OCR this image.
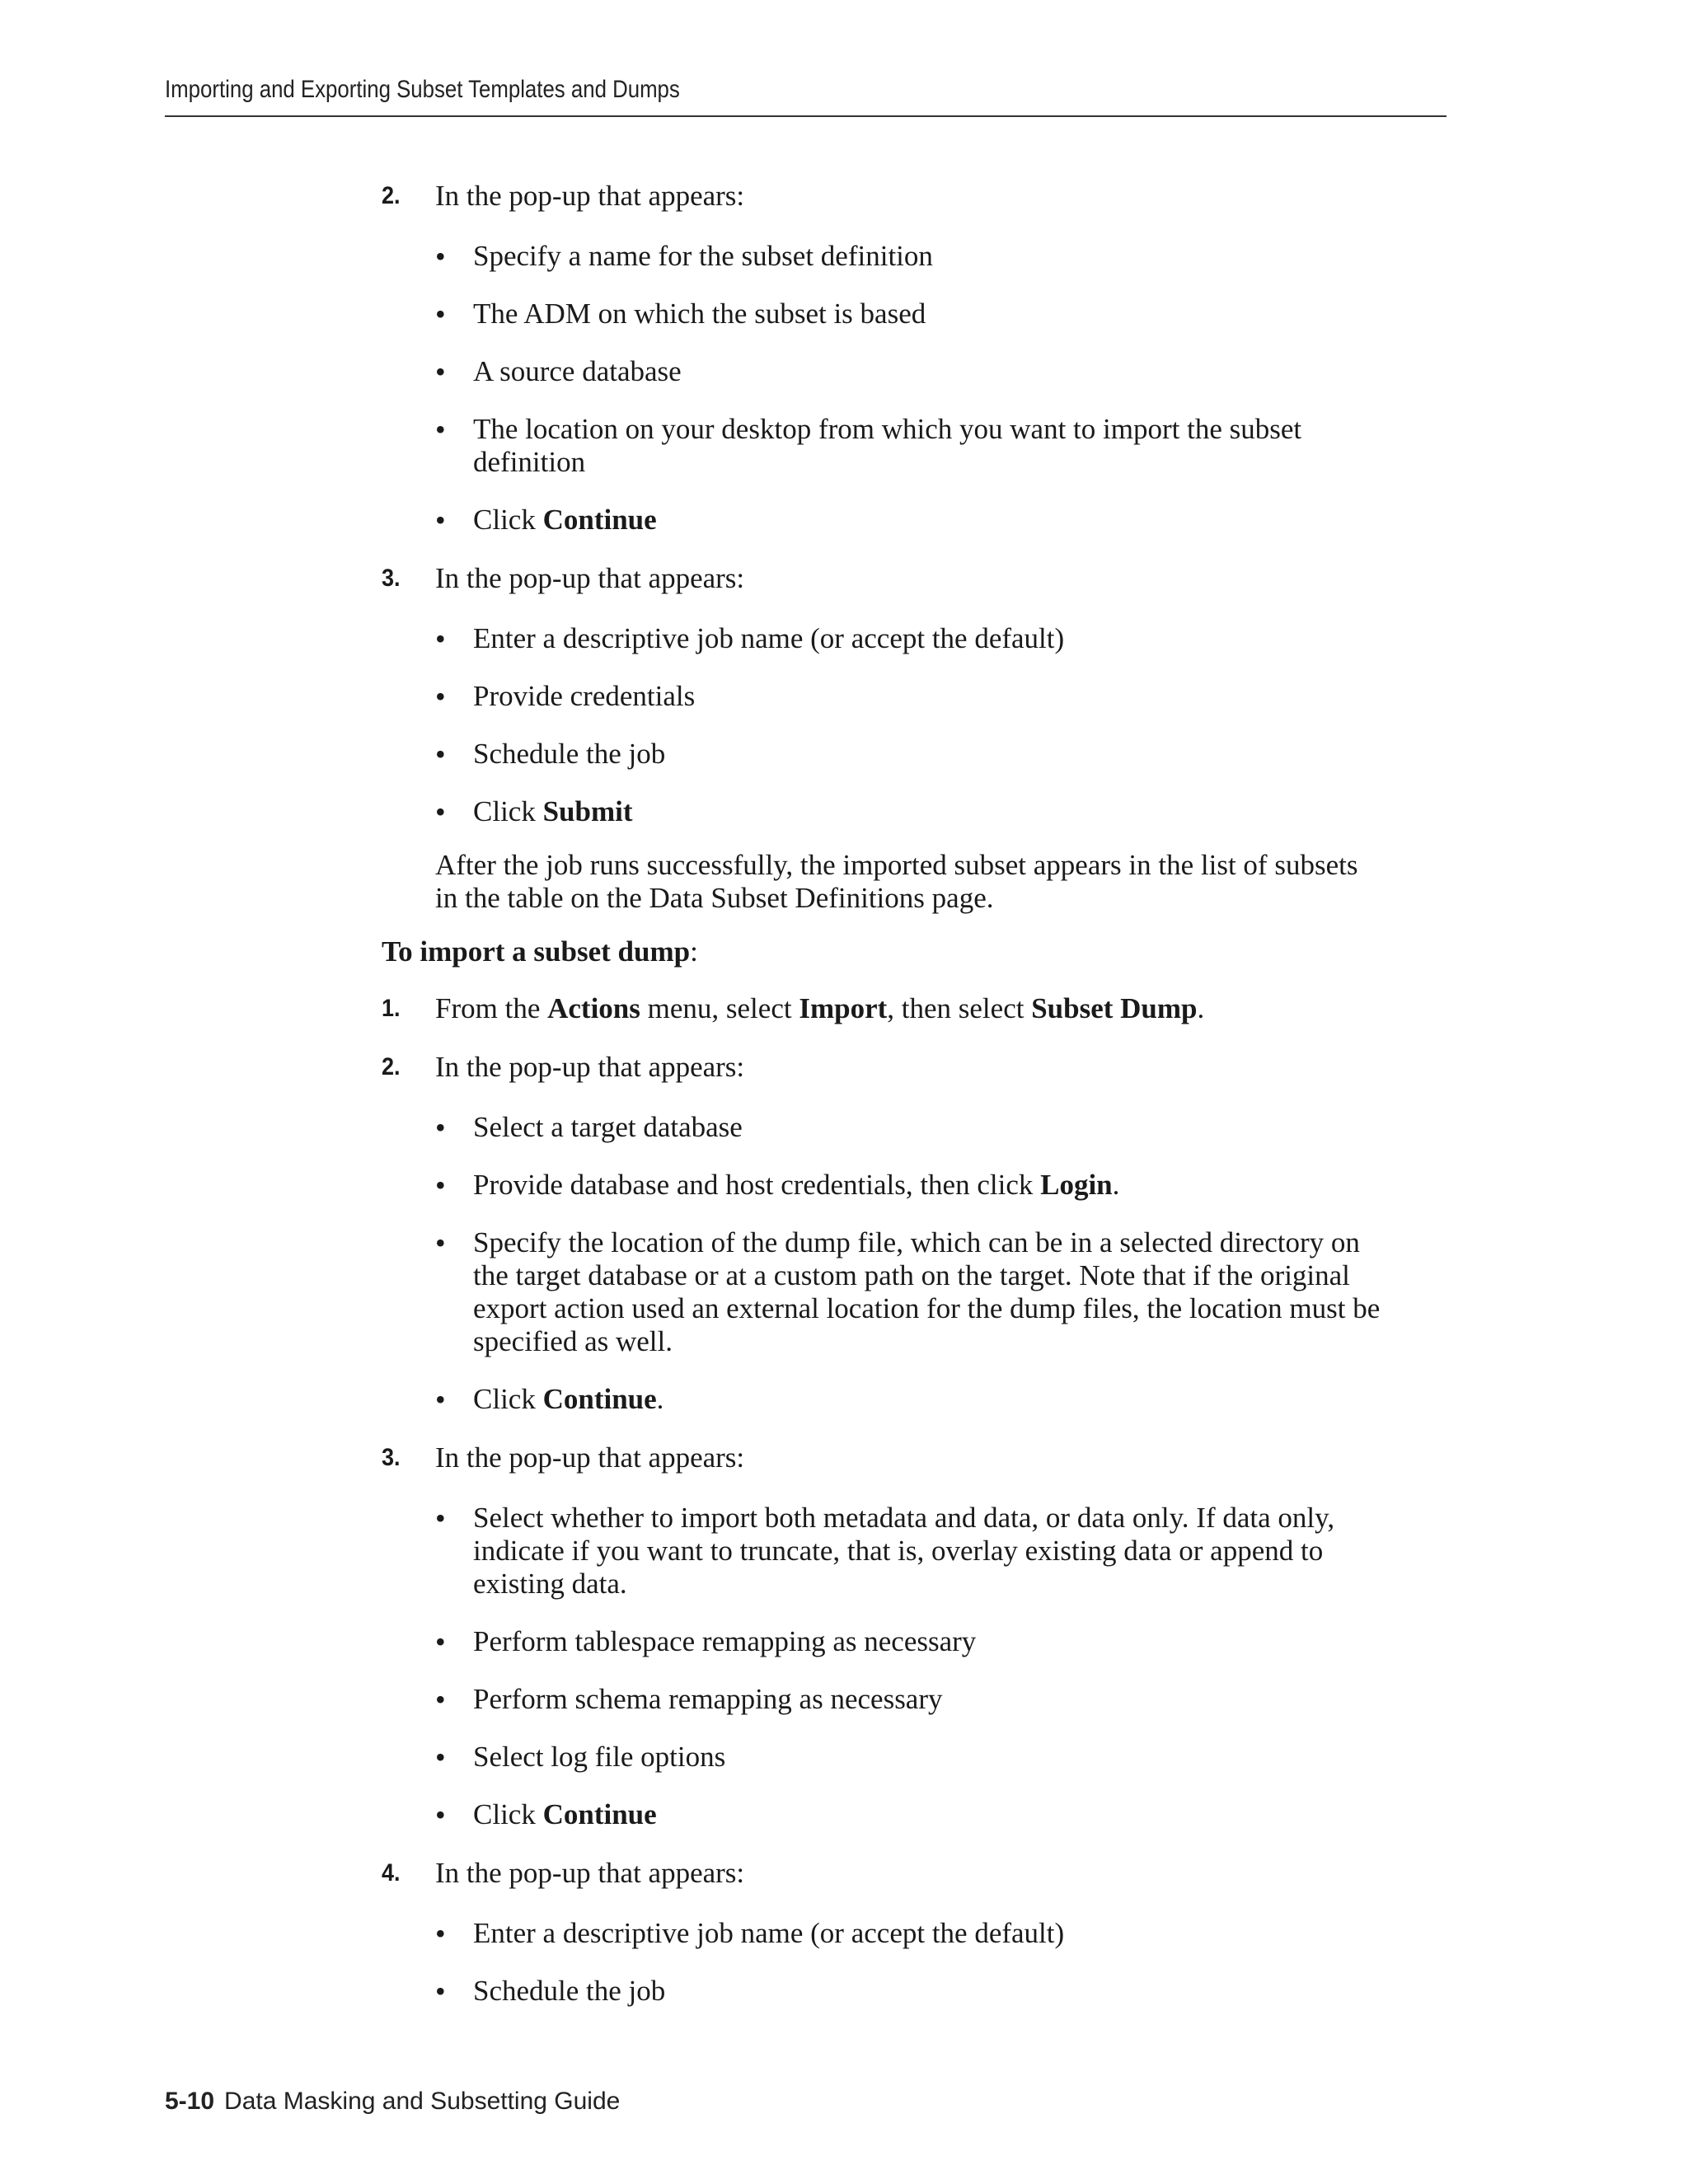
Importing and Exporting Subset Templates and Dumps
2.	In the pop-up that appears:
• Specify a name for the subset definition
• The ADM on which the subset is based
• A source database
• The location on your desktop from which you want to import the subset
definition
• Click Continue
3.	In the pop-up that appears:
• Enter a descriptive job name (or accept the default)
• Provide credentials
• Schedule the job
• Click Submit
After the job runs successfully, the imported subset appears in the list of subsets
in the table on the Data Subset Definitions page.
To import a subset dump:
1.	From the Actions menu, select Import, then select Subset Dump.
2.	In the pop-up that appears:
• Select a target database
• Provide database and host credentials, then click Login.
• Specify the location of the dump file, which can be in a selected directory on
the target database or at a custom path on the target. Note that if the original
export action used an external location for the dump files, the location must be
specified as well.
• Click Continue.
3.	In the pop-up that appears:
• Select whether to import both metadata and data, or data only. If data only,
indicate if you want to truncate, that is, overlay existing data or append to
existing data.
• Perform tablespace remapping as necessary
• Perform schema remapping as necessary
• Select log file options
• Click Continue
4.	In the pop-up that appears:
• Enter a descriptive job name (or accept the default)
• Schedule the job
5-10 Data Masking and Subsetting Guide
